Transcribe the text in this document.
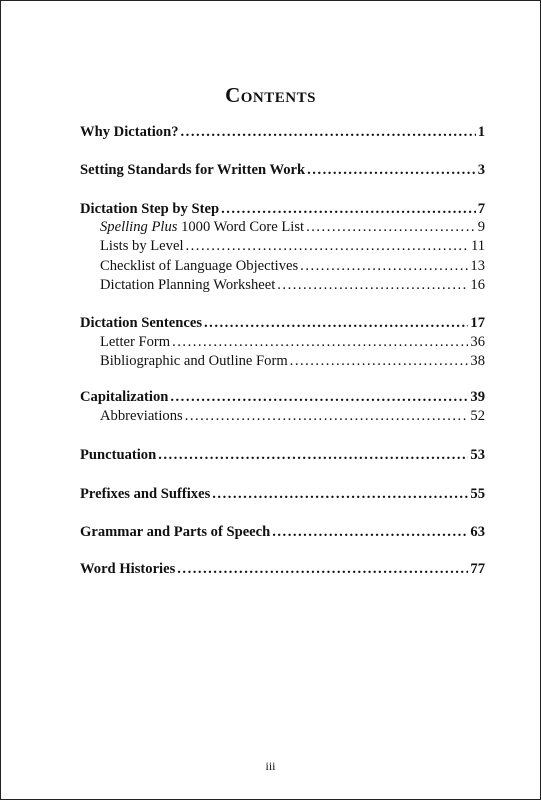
Contents
Why Dictation? .....	1
Setting Standards for Written Work .....	3
Dictation Step by Step .....	7
Spelling Plus 1000 Word Core List .....	9
Lists by Level .....	11
Checklist of Language Objectives .....	13
Dictation Planning Worksheet .....	16
Dictation Sentences .....	17
Letter Form .....	36
Bibliographic and Outline Form .....	38
Capitalization .....	39
Abbreviations .....	52
Punctuation .....	53
Prefixes and Suffixes .....	55
Grammar and Parts of Speech .....	63
Word Histories .....	77
iii
